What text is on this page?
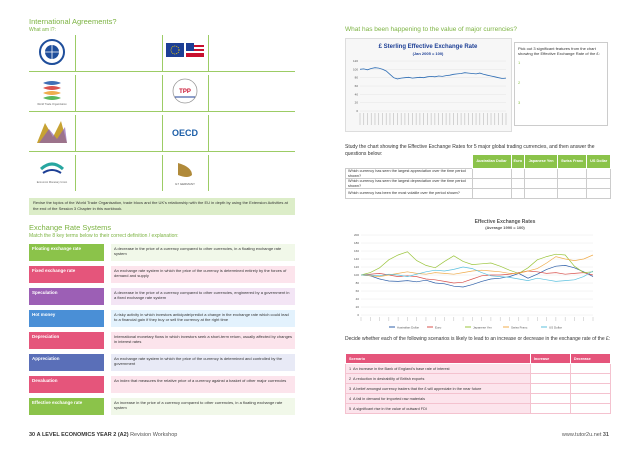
International Agreements?

What am I?:

World Trade Organization
TPP
OECD
Economic Monetary Union	G7 GERMANY
Revise the topics of the World Trade Organisation, trade blocs and the UK's relationship with the EU in depth by using the Extension Activities at the end of the Session 3 Chapter in this workbook.
Exchange Rate Systems

Match the 8 key terms below to their correct definition / explanation:

Floating exchange rate	A decrease in the price of a currency compared to other currencies, in a floating exchange rate system
Fixed exchange rate	An exchange rate system in which the price of the currency is determined entirely by the forces of demand and supply
Speculation	A decrease in the price of a currency compared to other currencies, engineered by a government in a fixed exchange rate system
Hot money	A risky activity in which investors anticipate/predict a change in the exchange rate which could lead to a financial gain if they buy or sell the currency at the right time
Depreciation	International monetary flows in which investors seek a short-term return, usually affected by changes in interest rates
Appreciation	An exchange rate system in which the price of the currency is determined and controlled by the government
Devaluation	An index that measures the relative price of a currency against a basket of other major currencies
Effective exchange rate	An increase in the price of a currency compared to other currencies, in a floating exchange rate system
30 A LEVEL ECONOMICS YEAR 2 (A2) Revision Workshop
What has been happening to the value of major currencies?
£ Sterling Effective Exchange Rate
(Jan 2005 = 100)
0
20
40
60
80
100
120
Pick out 3 significant features from the chart showing the Effective Exchange Rate of the £:
1
2
3
Study the chart showing the Effective Exchange Rates for 5 major global trading currencies, and then answer the questions below:
	Australian Dollar	Euro	Japanese Yen	Swiss Franc	US Dollar
Which currency has seen the largest appreciation over the time period shown?					
Which currency has seen the largest depreciation over the time period shown?					
Which currency has been the most volatile over the period shown?					
Effective Exchange Rates
(Average 1990 = 100)
0
20
40
60
80
100
120
140
160
180
200
Australian Dollar	Euro	Japanese Yen	Swiss Franc	US Dollar
Decide whether each of the following scenarios is likely to lead to an increase or decrease in the exchange rate of the £:
Scenario	Increase	Decrease
1 An increase in the Bank of England's base rate of interest		
2 A reduction in desirability of British exports		
3 A belief amongst currency traders that the £ will appreciate in the near future		
4 A fall in demand for imported raw materials		
5 A significant rise in the value of outward FDI		
www.tutor2u.net 31
